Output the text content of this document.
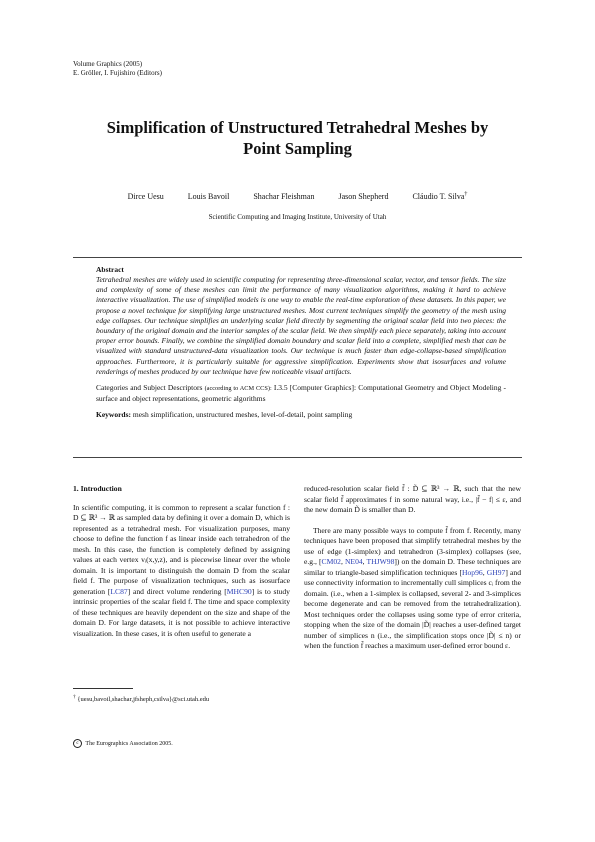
Volume Graphics (2005)
E. Gröller, I. Fujishiro (Editors)
Simplification of Unstructured Tetrahedral Meshes by
Point Sampling
Dirce Uesu	Louis Bavoil	Shachar Fleishman	Jason Shepherd	Cláudio T. Silva†
Scientific Computing and Imaging Institute, University of Utah
Abstract

Tetrahedral meshes are widely used in scientific computing for representing three-dimensional scalar, vector, and tensor fields. The size and complexity of some of these meshes can limit the performance of many visualization algorithms, making it hard to achieve interactive visualization. The use of simplified models is one way to enable the real-time exploration of these datasets. In this paper, we propose a novel technique for simplifying large unstructured meshes. Most current techniques simplify the geometry of the mesh using edge collapses. Our technique simplifies an underlying scalar field directly by segmenting the original scalar field into two pieces: the boundary of the original domain and the interior samples of the scalar field. We then simplify each piece separately, taking into account proper error bounds. Finally, we combine the simplified domain boundary and scalar field into a complete, simplified mesh that can be visualized with standard unstructured-data visualization tools. Our technique is much faster than edge-collapse-based simplification approaches. Furthermore, it is particularly suitable for aggressive simplification. Experiments show that isosurfaces and volume renderings of meshes produced by our technique have few noticeable visual artifacts.

Categories and Subject Descriptors (according to ACM CCS): I.3.5 [Computer Graphics]: Computational Geometry and Object Modeling - surface and object representations, geometric algorithms

Keywords: mesh simplification, unstructured meshes, level-of-detail, point sampling

1. Introduction

In scientific computing, it is common to represent a scalar function f : D ⊆ ℝ³ → ℝ as sampled data by defining it over a domain D, which is represented as a tetrahedral mesh. For visualization purposes, many choose to define the function f as linear inside each tetrahedron of the mesh. In this case, the function is completely defined by assigning values at each vertex vᵢ(x,y,z), and is piecewise linear over the whole domain. It is important to distinguish the domain D from the scalar field f. The purpose of visualization techniques, such as isosurface generation [LC87] and direct volume rendering [MHC90] is to study intrinsic properties of the scalar field f. The time and space complexity of these techniques are heavily dependent on the size and shape of the domain D. For large datasets, it is not possible to achieve interactive visualization. In these cases, it is often useful to generate a

reduced-resolution scalar field f̃ : D̃ ⊆ ℝ³ → ℝ, such that the new scalar field f̃ approximates f in some natural way, i.e., |f̃ − f| ≤ ε, and the new domain D̃ is smaller than D.

There are many possible ways to compute f̃ from f. Recently, many techniques have been proposed that simplify tetrahedral meshes by the use of edge (1-simplex) and tetrahedron (3-simplex) collapses (see, e.g., [CM02, NE04, THJW98]) on the domain D. These techniques are similar to triangle-based simplification techniques [Hop96, GH97] and use connectivity information to incrementally cull simplices cᵢ from the domain. (i.e., when a 1-simplex is collapsed, several 2- and 3-simplices become degenerate and can be removed from the tetrahedralization). Most techniques order the collapses using some type of error criteria, stopping when the size of the domain |D̃| reaches a user-defined target number of simplices n (i.e., the simplification stops once |D̃| ≤ n) or when the function f̃ reaches a maximum user-defined error bound ε.

† {uesu,bavoil,shachar,jfsheph,csilva}@sci.utah.edu
c The Eurographics Association 2005.
